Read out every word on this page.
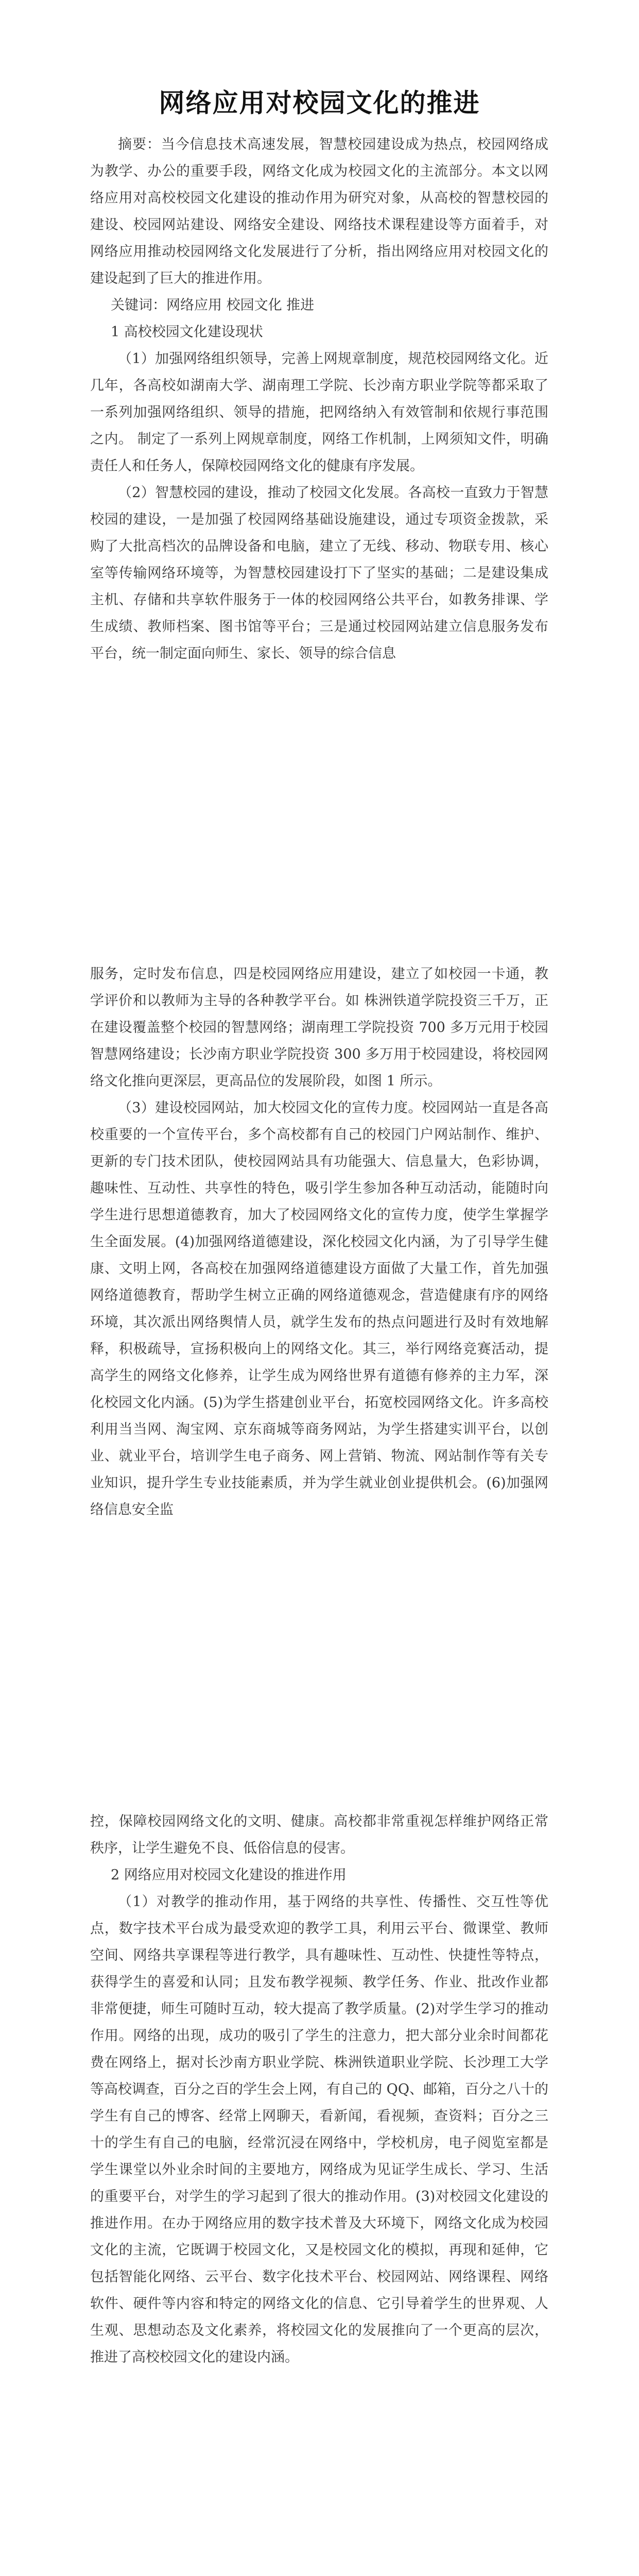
网络应用对校园文化的推进

摘要：当今信息技术高速发展，智慧校园建设成为热点，校园网络成为教学、办公的重要手段，网络文化成为校园文化的主流部分。本文以网络应用对高校校园文化建设的推动作用为研究对象，从高校的智慧校园的建设、校园网站建设、网络安全建设、网络技术课程建设等方面着手，对网络应用推动校园网络文化发展进行了分析，指出网络应用对校园文化的建设起到了巨大的推进作用。

关键词：网络应用 校园文化 推进

1 高校校园文化建设现状

（1）加强网络组织领导，完善上网规章制度，规范校园网络文化。近几年，各高校如湖南大学、湖南理工学院、长沙南方职业学院等都采取了一系列加强网络组织、领导的措施，把网络纳入有效管制和依规行事范围之内。 制定了一系列上网规章制度，网络工作机制，上网须知文件，明确责任人和任务人，保障校园网络文化的健康有序发展。

（2）智慧校园的建设，推动了校园文化发展。各高校一直致力于智慧校园的建设，一是加强了校园网络基础设施建设，通过专项资金拨款，采购了大批高档次的品牌设备和电脑，建立了无线、移动、物联专用、核心室等传输网络环境等，为智慧校园建设打下了坚实的基础；二是建设集成主机、存储和共享软件服务于一体的校园网络公共平台，如教务排课、学生成绩、教师档案、图书馆等平台；三是通过校园网站建立信息服务发布平台，统一制定面向师生、家长、领导的综合信息

服务，定时发布信息，四是校园网络应用建设，建立了如校园一卡通，教学评价和以教师为主导的各种教学平台。如 株洲铁道学院投资三千万，正在建设覆盖整个校园的智慧网络；湖南理工学院投资 700 多万元用于校园智慧网络建设；长沙南方职业学院投资 300 多万用于校园建设，将校园网络文化推向更深层，更高品位的发展阶段，如图 1 所示。

（3）建设校园网站，加大校园文化的宣传力度。校园网站一直是各高校重要的一个宣传平台，多个高校都有自己的校园门户网站制作、维护、更新的专门技术团队，使校园网站具有功能强大、信息量大，色彩协调，趣味性、互动性、共享性的特色，吸引学生参加各种互动活动，能随时向学生进行思想道德教育，加大了校园网络文化的宣传力度，使学生掌握学生全面发展。(4)加强网络道德建设，深化校园文化内涵，为了引导学生健康、文明上网，各高校在加强网络道德建设方面做了大量工作，首先加强网络道德教育，帮助学生树立正确的网络道德观念，营造健康有序的网络环境，其次派出网络舆情人员，就学生发布的热点问题进行及时有效地解释，积极疏导，宣扬积极向上的网络文化。其三，举行网络竞赛活动，提高学生的网络文化修养，让学生成为网络世界有道德有修养的主力军，深化校园文化内涵。(5)为学生搭建创业平台，拓宽校园网络文化。许多高校利用当当网、淘宝网、京东商城等商务网站，为学生搭建实训平台，以创业、就业平台，培训学生电子商务、网上营销、物流、网站制作等有关专业知识，提升学生专业技能素质，并为学生就业创业提供机会。(6)加强网络信息安全监

控，保障校园网络文化的文明、健康。高校都非常重视怎样维护网络正常秩序，让学生避免不良、低俗信息的侵害。

2 网络应用对校园文化建设的推进作用

（1）对教学的推动作用，基于网络的共享性、传播性、交互性等优点，数字技术平台成为最受欢迎的教学工具，利用云平台、微课堂、教师空间、网络共享课程等进行教学，具有趣味性、互动性、快捷性等特点，获得学生的喜爱和认同；且发布教学视频、教学任务、作业、批改作业都非常便捷，师生可随时互动，较大提高了教学质量。(2)对学生学习的推动作用。网络的出现，成功的吸引了学生的注意力，把大部分业余时间都花费在网络上，据对长沙南方职业学院、株洲铁道职业学院、长沙理工大学等高校调查，百分之百的学生会上网，有自己的 QQ、邮箱，百分之八十的学生有自己的博客、经常上网聊天，看新闻，看视频，查资料；百分之三十的学生有自己的电脑，经常沉浸在网络中，学校机房，电子阅览室都是学生课堂以外业余时间的主要地方，网络成为见证学生成长、学习、生活的重要平台，对学生的学习起到了很大的推动作用。(3)对校园文化建设的推进作用。在办于网络应用的数字技术普及大环境下，网络文化成为校园文化的主流，它既调于校园文化，又是校园文化的模拟，再现和延伸，它包括智能化网络、云平台、数字化技术平台、校园网站、网络课程、网络软件、硬件等内容和特定的网络文化的信息、它引导着学生的世界观、人生观、思想动态及文化素养，将校园文化的发展推向了一个更高的层次，推进了高校校园文化的建设内涵。
